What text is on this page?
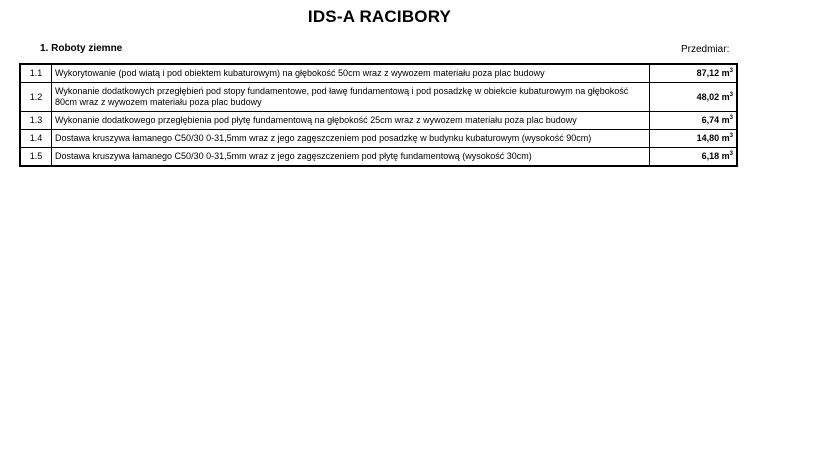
IDS-A RACIBORY
1. Roboty ziemne	Przedmiar:
1.1	Wykorytowanie (pod wiatą i pod obiektem kubaturowym) na głębokość 50cm wraz z wywozem materiału poza plac budowy	87,12 $m^3$
1.2	Wykonanie dodatkowych przegłębień pod stopy fundamentowe, pod ławę fundamentową i pod posadzkę w obiekcie kubaturowym na głębokość 80cm wraz z wywozem materiału poza plac budowy	48,02 $m^3$
1.3	Wykonanie dodatkowego przegłębienia pod płytę fundamentową na głębokość 25cm wraz z wywozem materiału poza plac budowy	6,74 $m^3$
1.4	Dostawa kruszywa łamanego C50/30 0-31,5mm wraz z jego zagęszczeniem pod posadzkę w budynku kubaturowym (wysokość 90cm)	14,80 $m^3$
1.5	Dostawa kruszywa łamanego C50/30 0-31,5mm wraz z jego zagęszczeniem pod płytę fundamentową (wysokość 30cm)	6,18 $m^3$
